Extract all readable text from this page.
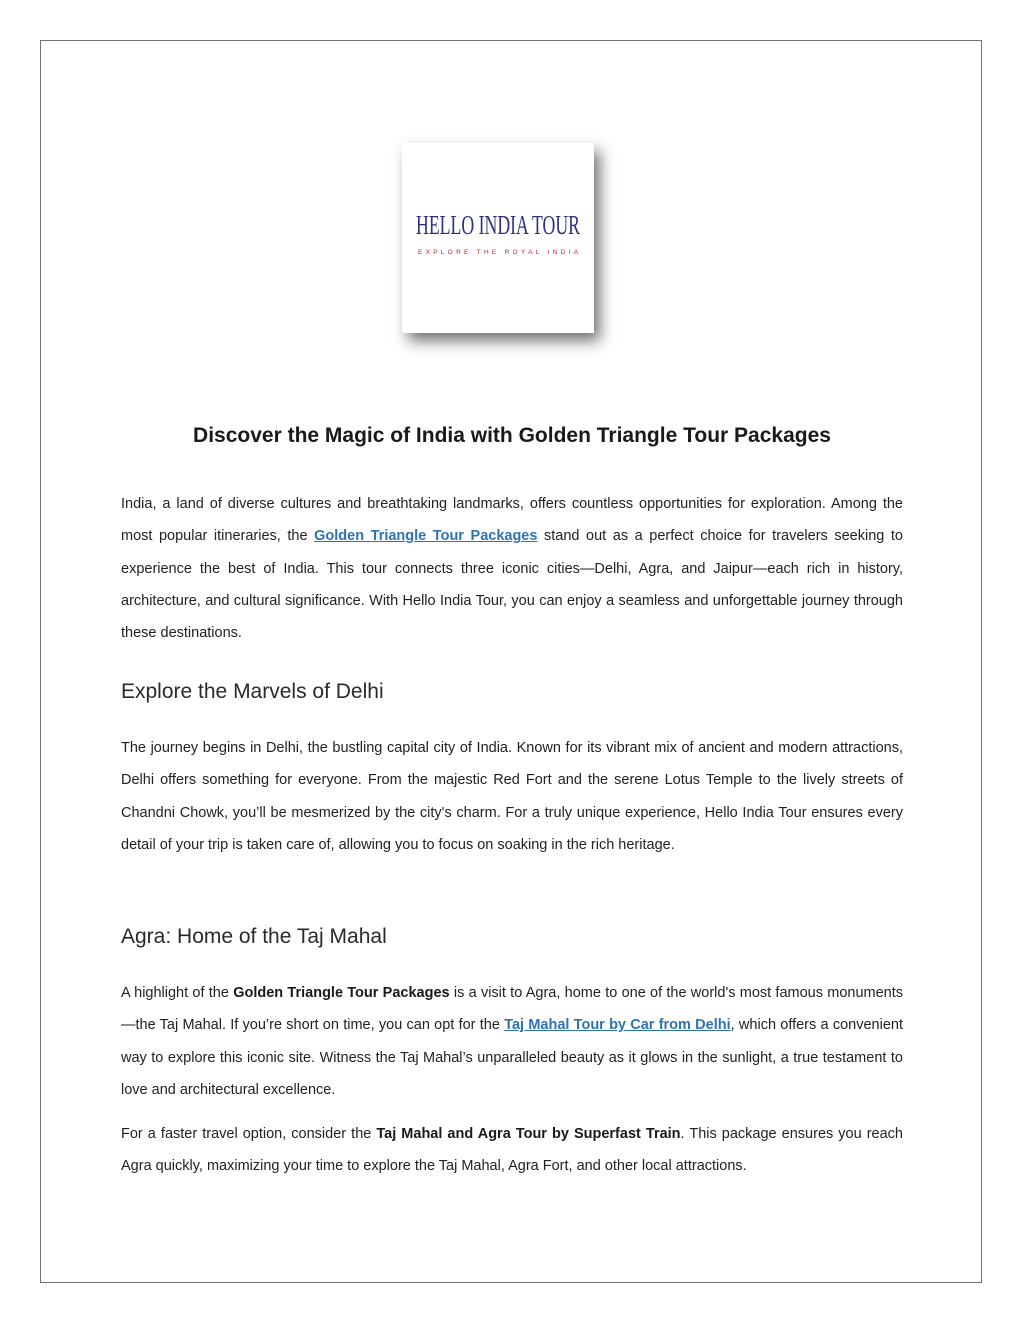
HELLO INDIA TOUR
EXPLORE THE ROYAL INDIA
Discover the Magic of India with Golden Triangle Tour Packages

India, a land of diverse cultures and breathtaking landmarks, offers countless opportunities for exploration. Among the most popular itineraries, the Golden Triangle Tour Packages stand out as a perfect choice for travelers seeking to experience the best of India. This tour connects three iconic cities—Delhi, Agra, and Jaipur—each rich in history, architecture, and cultural significance. With Hello India Tour, you can enjoy a seamless and unforgettable journey through these destinations.

Explore the Marvels of Delhi

The journey begins in Delhi, the bustling capital city of India. Known for its vibrant mix of ancient and modern attractions, Delhi offers something for everyone. From the majestic Red Fort and the serene Lotus Temple to the lively streets of Chandni Chowk, you’ll be mesmerized by the city's charm. For a truly unique experience, Hello India Tour ensures every detail of your trip is taken care of, allowing you to focus on soaking in the rich heritage.

Agra: Home of the Taj Mahal

A highlight of the Golden Triangle Tour Packages is a visit to Agra, home to one of the world's most famous monuments—the Taj Mahal. If you’re short on time, you can opt for the Taj Mahal Tour by Car from Delhi, which offers a convenient way to explore this iconic site. Witness the Taj Mahal’s unparalleled beauty as it glows in the sunlight, a true testament to love and architectural excellence.

For a faster travel option, consider the Taj Mahal and Agra Tour by Superfast Train. This package ensures you reach Agra quickly, maximizing your time to explore the Taj Mahal, Agra Fort, and other local attractions.
